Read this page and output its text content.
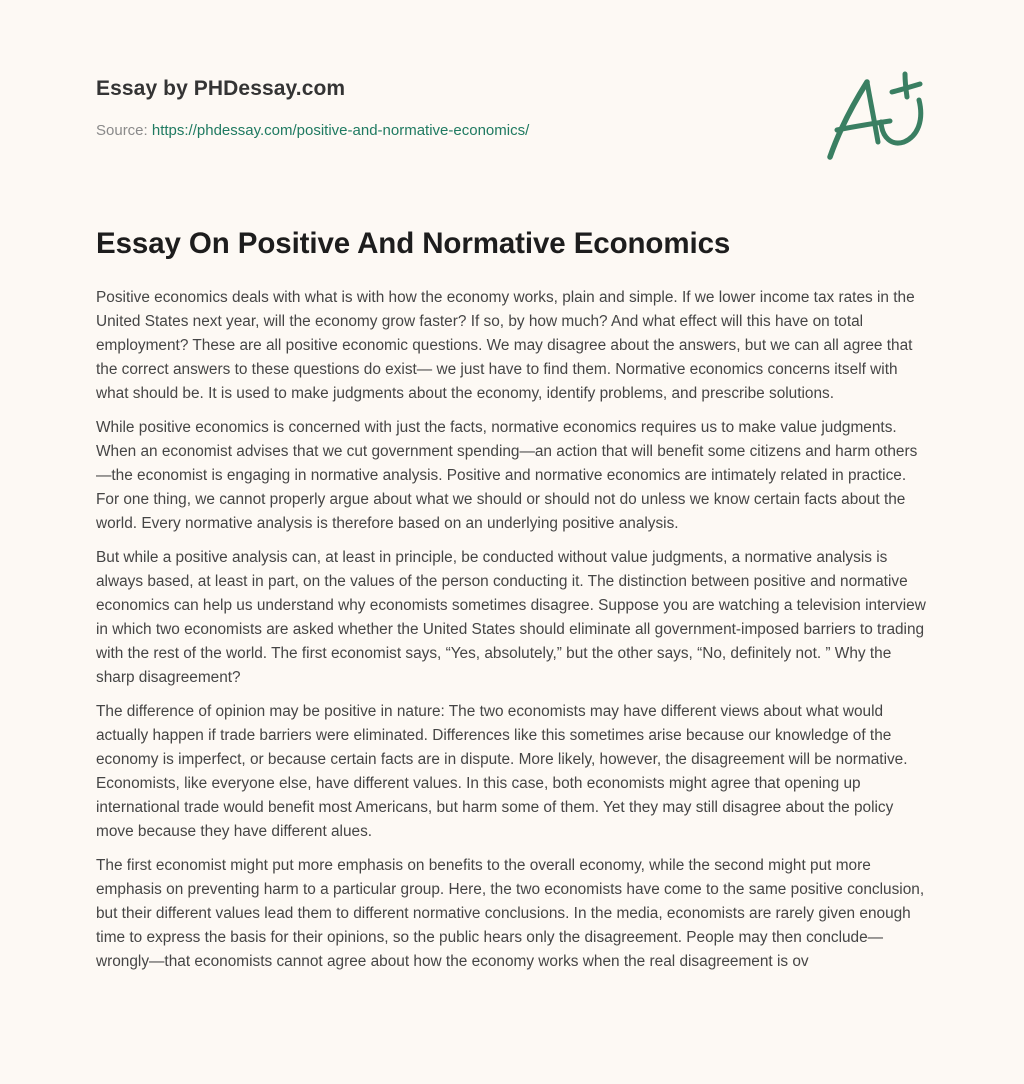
Essay by PHDessay.com
Source: https://phdessay.com/positive-and-normative-economics/
Essay On Positive And Normative Economics

Positive economics deals with what is with how the economy works, plain and simple. If we lower income tax rates in the United States next year, will the economy grow faster? If so, by how much? And what effect will this have on total employment? These are all positive economic questions. We may disagree about the answers, but we can all agree that the correct answers to these questions do exist— we just have to find them. Normative economics concerns itself with what should be. It is used to make judgments about the economy, identify problems, and prescribe solutions.

While positive economics is concerned with just the facts, normative economics requires us to make value judgments. When an economist advises that we cut government spending—an action that will benefit some citizens and harm others—the economist is engaging in normative analysis. Positive and normative economics are intimately related in practice. For one thing, we cannot properly argue about what we should or should not do unless we know certain facts about the world. Every normative analysis is therefore based on an underlying positive analysis.

But while a positive analysis can, at least in principle, be conducted without value judgments, a normative analysis is always based, at least in part, on the values of the person conducting it. The distinction between positive and normative economics can help us understand why economists sometimes disagree. Suppose you are watching a television interview in which two economists are asked whether the United States should eliminate all government-imposed barriers to trading with the rest of the world. The first economist says, “Yes, absolutely,” but the other says, “No, definitely not. ” Why the sharp disagreement?

The difference of opinion may be positive in nature: The two economists may have different views about what would actually happen if trade barriers were eliminated. Differences like this sometimes arise because our knowledge of the economy is imperfect, or because certain facts are in dispute. More likely, however, the disagreement will be normative. Economists, like everyone else, have different values. In this case, both economists might agree that opening up international trade would benefit most Americans, but harm some of them. Yet they may still disagree about the policy move because they have different alues.

The first economist might put more emphasis on benefits to the overall economy, while the second might put more emphasis on preventing harm to a particular group. Here, the two economists have come to the same positive conclusion, but their different values lead them to different normative conclusions. In the media, economists are rarely given enough time to express the basis for their opinions, so the public hears only the disagreement. People may then conclude—wrongly—that economists cannot agree about how the economy works when the real disagreement is ov
